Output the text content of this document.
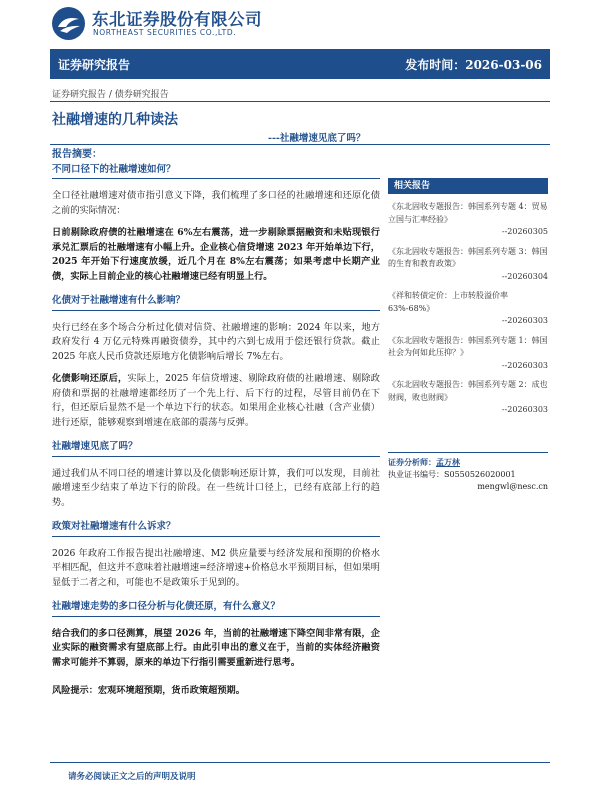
东北证券股份有限公司
NORTHEAST SECURITIES CO.,LTD.
证券研究报告	发布时间：2026-03-06
证券研究报告 / 债券研究报告
社融增速的几种读法
---社融增速见底了吗？
报告摘要：
不同口径下的社融增速如何？
全口径社融增速对债市指引意义下降，我们梳理了多口径的社融增速和还原化债之前的实际情况：
日前剔除政府债的社融增速在 6%左右震荡，进一步剔除票据融资和未贴现银行承兑汇票后的社融增速有小幅上升。企业核心信贷增速 2023 年开始单边下行，2025 年开始下行速度放缓，近几个月在 8%左右震荡；如果考虑中长期产业债，实际上目前企业的核心社融增速已经有明显上行。
化债对于社融增速有什么影响？
央行已经在多个场合分析过化债对信贷、社融增速的影响：2024 年以来，地方政府发行 4 万亿元特殊再融资债券，其中约六到七成用于偿还银行贷款。截止 2025 年底人民币贷款还原地方化债影响后增长 7%左右。
化债影响还原后，实际上，2025 年信贷增速、剔除政府债的社融增速、剔除政府债和票据的社融增速都经历了一个先上行、后下行的过程，尽管目前仍在下行，但还原后显然不是一个单边下行的状态。如果用企业核心社融（含产业债）进行还原，能够观察到增速在底部的震荡与反弹。
社融增速见底了吗？
通过我们从不同口径的增速计算以及化债影响还原计算，我们可以发现，目前社融增速至少结束了单边下行的阶段。在一些统计口径上，已经有底部上行的趋势。
政策对社融增速有什么诉求？
2026 年政府工作报告提出社融增速、M2 供应量要与经济发展和预期的价格水平相匹配，但这并不意味着社融增速=经济增速+价格总水平预期目标，但如果明显低于二者之和，可能也不是政策乐于见到的。
社融增速走势的多口径分析与化债还原，有什么意义？
结合我们的多口径测算，展望 2026 年，当前的社融增速下降空间非常有限，企业实际的融资需求有望底部上行。由此引申出的意义在于，当前的实体经济融资需求可能并不算弱，原来的单边下行指引需要重新进行思考。
风险提示：宏观环境超预期，货币政策超预期。
相关报告
《东北固收专题报告：韩国系列专题 4：贸易立国与汇率经验》
--20260305
《东北固收专题报告：韩国系列专题 3：韩国的生育和教育政策》
--20260304
《祥和转债定价：上市转股溢价率 63%-68%》
--20260303
《东北固收专题报告：韩国系列专题 1：韩国社会为何如此压抑？》
--20260303
《东北固收专题报告：韩国系列专题 2：成也财阀，败也财阀》
--20260303
证券分析师：孟万林
执业证书编号：S0550526020001
mengwl@nesc.cn
请务必阅读正文之后的声明及说明
